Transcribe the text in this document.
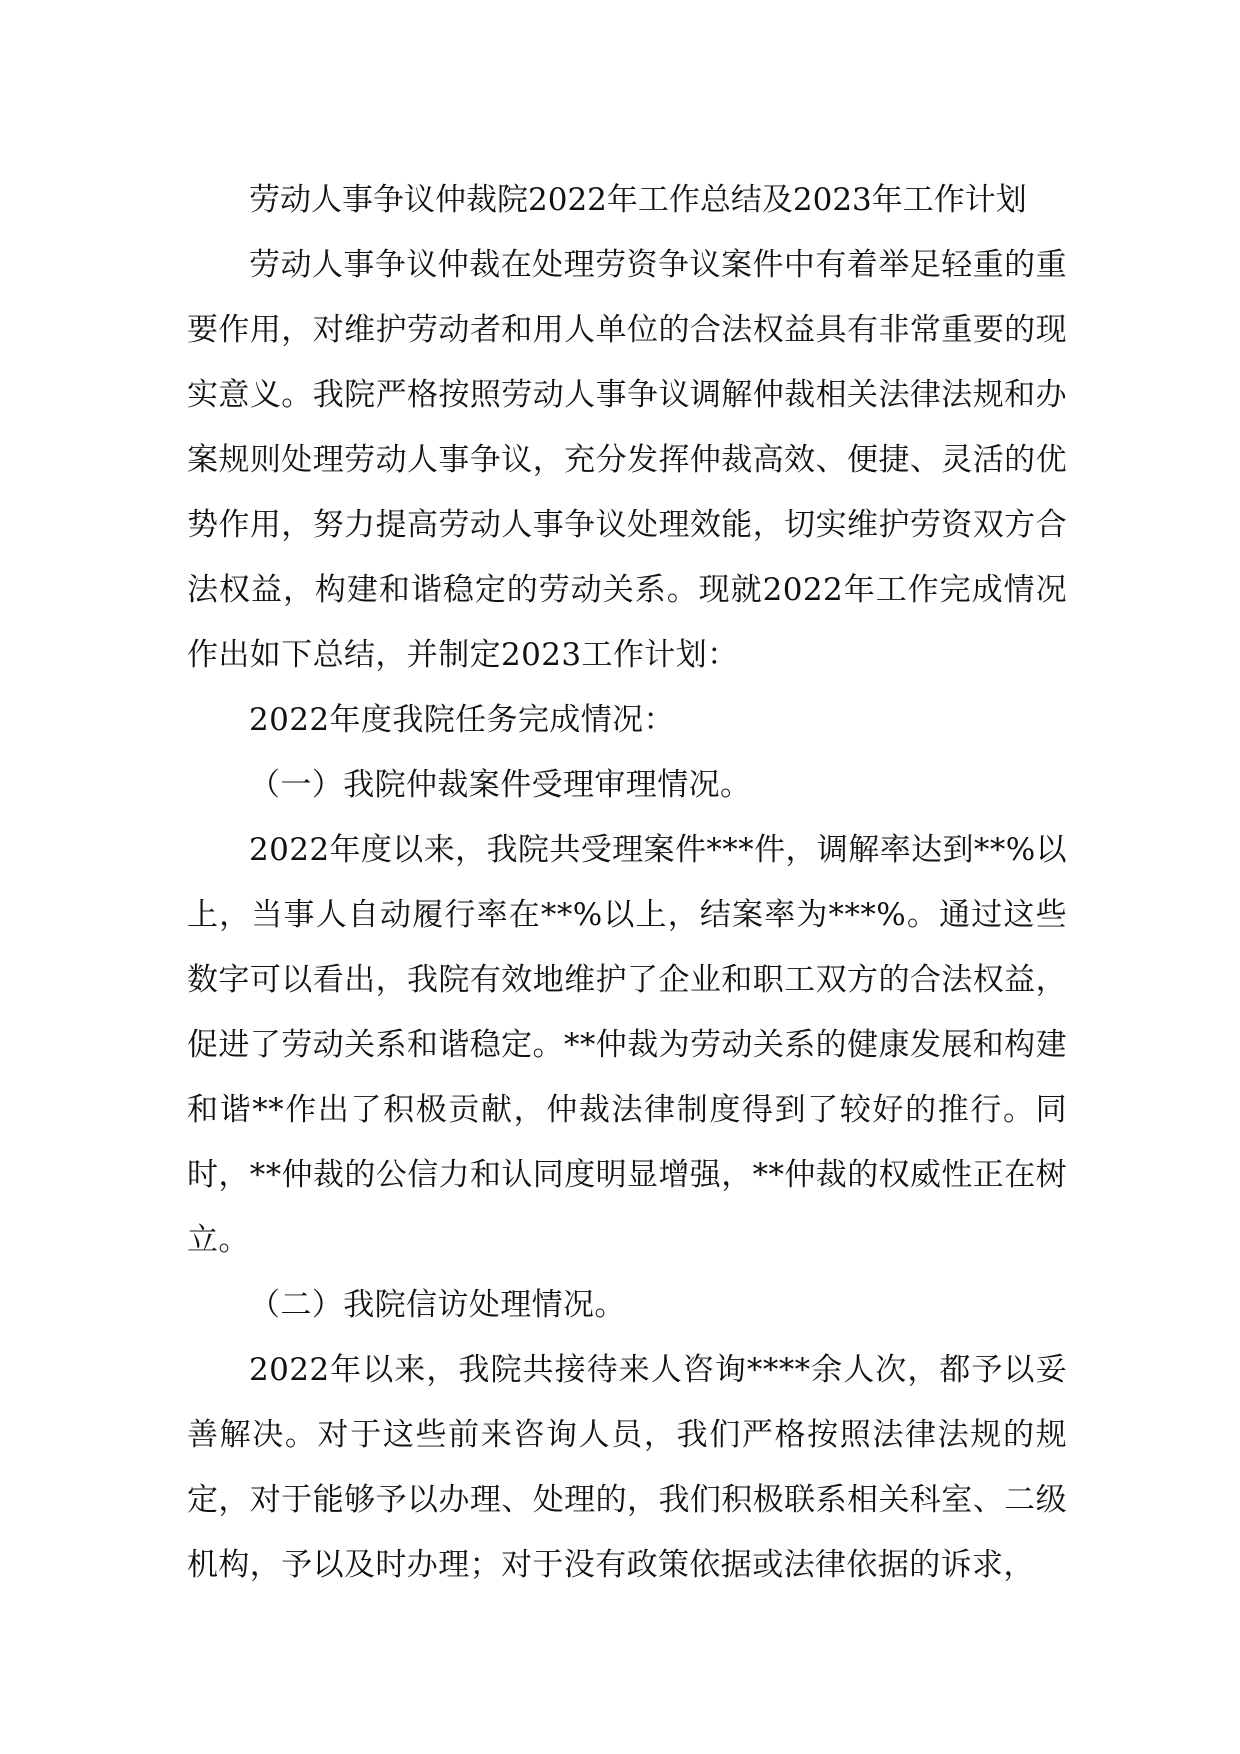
劳动人事争议仲裁院2022年工作总结及2023年工作计划

劳动人事争议仲裁在处理劳资争议案件中有着举足轻重的重要作用，对维护劳动者和用人单位的合法权益具有非常重要的现实意义。我院严格按照劳动人事争议调解仲裁相关法律法规和办案规则处理劳动人事争议，充分发挥仲裁高效、便捷、灵活的优势作用，努力提高劳动人事争议处理效能，切实维护劳资双方合法权益，构建和谐稳定的劳动关系。现就2022年工作完成情况作出如下总结，并制定2023工作计划：

2022年度我院任务完成情况：

（一）我院仲裁案件受理审理情况。

2022年度以来，我院共受理案件***件，调解率达到**%以上，当事人自动履行率在**%以上，结案率为***%。通过这些数字可以看出，我院有效地维护了企业和职工双方的合法权益，促进了劳动关系和谐稳定。**仲裁为劳动关系的健康发展和构建和谐**作出了积极贡献，仲裁法律制度得到了较好的推行。同时，**仲裁的公信力和认同度明显增强，**仲裁的权威性正在树立。

（二）我院信访处理情况。

2022年以来，我院共接待来人咨询****余人次，都予以妥善解决。对于这些前来咨询人员，我们严格按照法律法规的规定，对于能够予以办理、处理的，我们积极联系相关科室、二级机构，予以及时办理；对于没有政策依据或法律依据的诉求，
